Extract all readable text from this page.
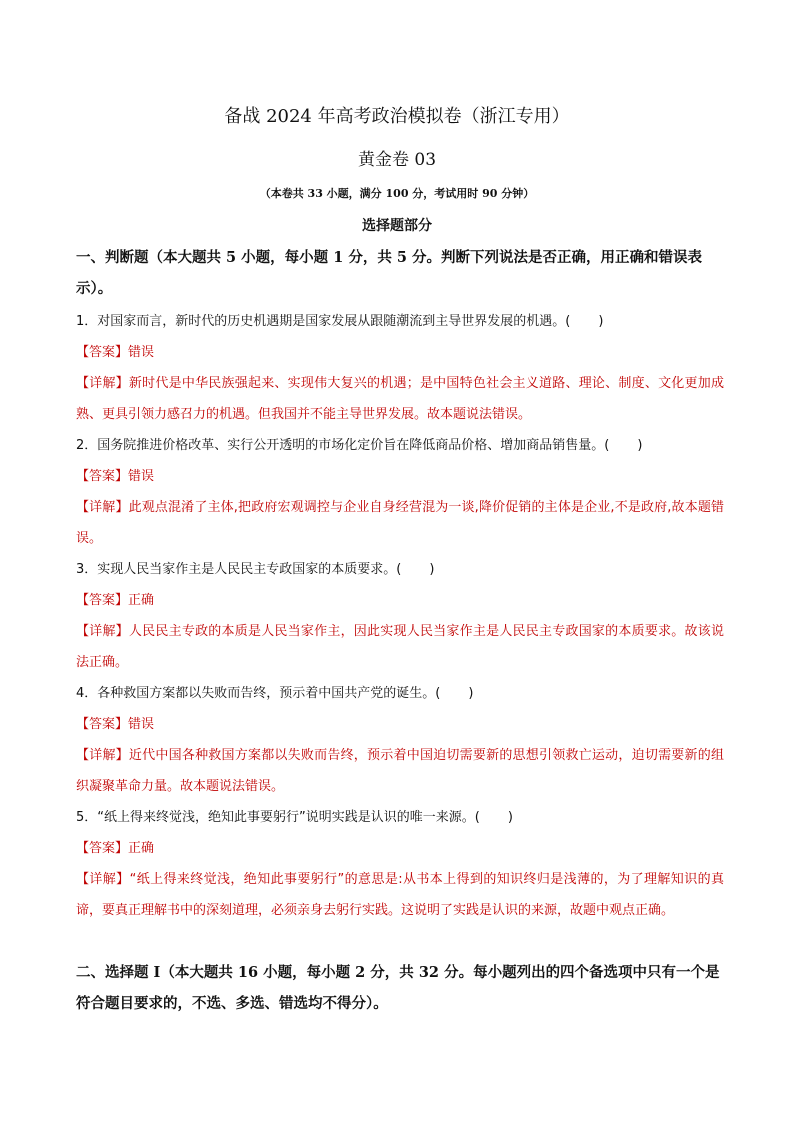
备战 2024 年高考政治模拟卷（浙江专用）
黄金卷 03
（本卷共 33 小题，满分 100 分，考试用时 90 分钟）
选择题部分
一、判断题（本大题共 5 小题，每小题 1 分，共 5 分。判断下列说法是否正确，用正确和错误表示）。
1．对国家而言，新时代的历史机遇期是国家发展从跟随潮流到主导世界发展的机遇。( )
【答案】错误
【详解】新时代是中华民族强起来、实现伟大复兴的机遇；是中国特色社会主义道路、理论、制度、文化更加成熟、更具引领力感召力的机遇。但我国并不能主导世界发展。故本题说法错误。
2．国务院推进价格改革、实行公开透明的市场化定价旨在降低商品价格、增加商品销售量。( )
【答案】错误
【详解】此观点混淆了主体,把政府宏观调控与企业自身经营混为一谈,降价促销的主体是企业,不是政府,故本题错误。
3．实现人民当家作主是人民民主专政国家的本质要求。( )
【答案】正确
【详解】人民民主专政的本质是人民当家作主，因此实现人民当家作主是人民民主专政国家的本质要求。故该说法正确。
4．各种救国方案都以失败而告终，预示着中国共产党的诞生。( )
【答案】错误
【详解】近代中国各种救国方案都以失败而告终，预示着中国迫切需要新的思想引领救亡运动，迫切需要新的组织凝聚革命力量。故本题说法错误。
5．“纸上得来终觉浅，绝知此事要躬行”说明实践是认识的唯一来源。( )
【答案】正确
【详解】“纸上得来终觉浅，绝知此事要躬行”的意思是:从书本上得到的知识终归是浅薄的，为了理解知识的真谛，要真正理解书中的深刻道理，必须亲身去躬行实践。这说明了实践是认识的来源，故题中观点正确。
二、选择题 I（本大题共 16 小题，每小题 2 分，共 32 分。每小题列出的四个备选项中只有一个是符合题目要求的，不选、多选、错选均不得分）。
